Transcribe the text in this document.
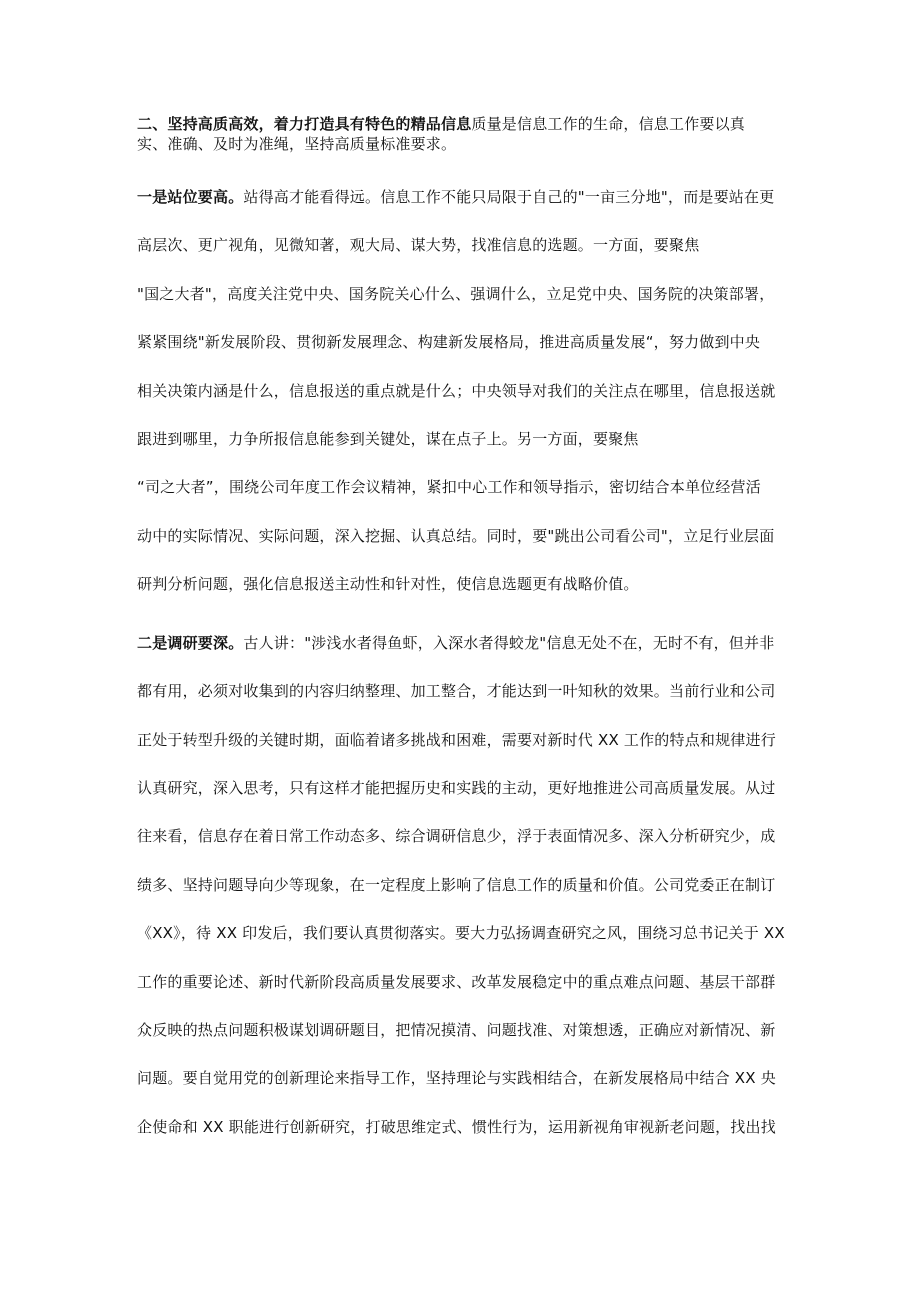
二、坚持高质高效，着力打造具有特色的精品信息质量是信息工作的生命，信息工作要以真
实、准确、及时为准绳，坚持高质量标准要求。
一是站位要高。站得高才能看得远。信息工作不能只局限于自己的"一亩三分地"，而是要站在更
高层次、更广视角，见微知著，观大局、谋大势，找准信息的选题。一方面，要聚焦
"国之大者"，高度关注党中央、国务院关心什么、强调什么，立足党中央、国务院的决策部署，
紧紧围绕"新发展阶段、贯彻新发展理念、构建新发展格局，推进高质量发展“，努力做到中央
相关决策内涵是什么，信息报送的重点就是什么；中央领导对我们的关注点在哪里，信息报送就
跟进到哪里，力争所报信息能参到关键处，谋在点子上。另一方面，要聚焦
“司之大者”，围绕公司年度工作会议精神，紧扣中心工作和领导指示，密切结合本单位经营活
动中的实际情况、实际问题，深入挖掘、认真总结。同时，要"跳出公司看公司"，立足行业层面
研判分析问题，强化信息报送主动性和针对性，使信息选题更有战略价值。
二是调研要深。古人讲："涉浅水者得鱼虾，入深水者得蛟龙"信息无处不在，无时不有，但并非
都有用，必须对收集到的内容归纳整理、加工整合，才能达到一叶知秋的效果。当前行业和公司
正处于转型升级的关键时期，面临着诸多挑战和困难，需要对新时代 XX 工作的特点和规律进行
认真研究，深入思考，只有这样才能把握历史和实践的主动，更好地推进公司高质量发展。从过
往来看，信息存在着日常工作动态多、综合调研信息少，浮于表面情况多、深入分析研究少，成
绩多、坚持问题导向少等现象，在一定程度上影响了信息工作的质量和价值。公司党委正在制订
《XX》，待 XX 印发后，我们要认真贯彻落实。要大力弘扬调查研究之风，围绕习总书记关于 XX
工作的重要论述、新时代新阶段高质量发展要求、改革发展稳定中的重点难点问题、基层干部群
众反映的热点问题积极谋划调研题目，把情况摸清、问题找准、对策想透，正确应对新情况、新
问题。要自觉用党的创新理论来指导工作，坚持理论与实践相结合，在新发展格局中结合 XX 央
企使命和 XX 职能进行创新研究，打破思维定式、惯性行为，运用新视角审视新老问题，找出找
